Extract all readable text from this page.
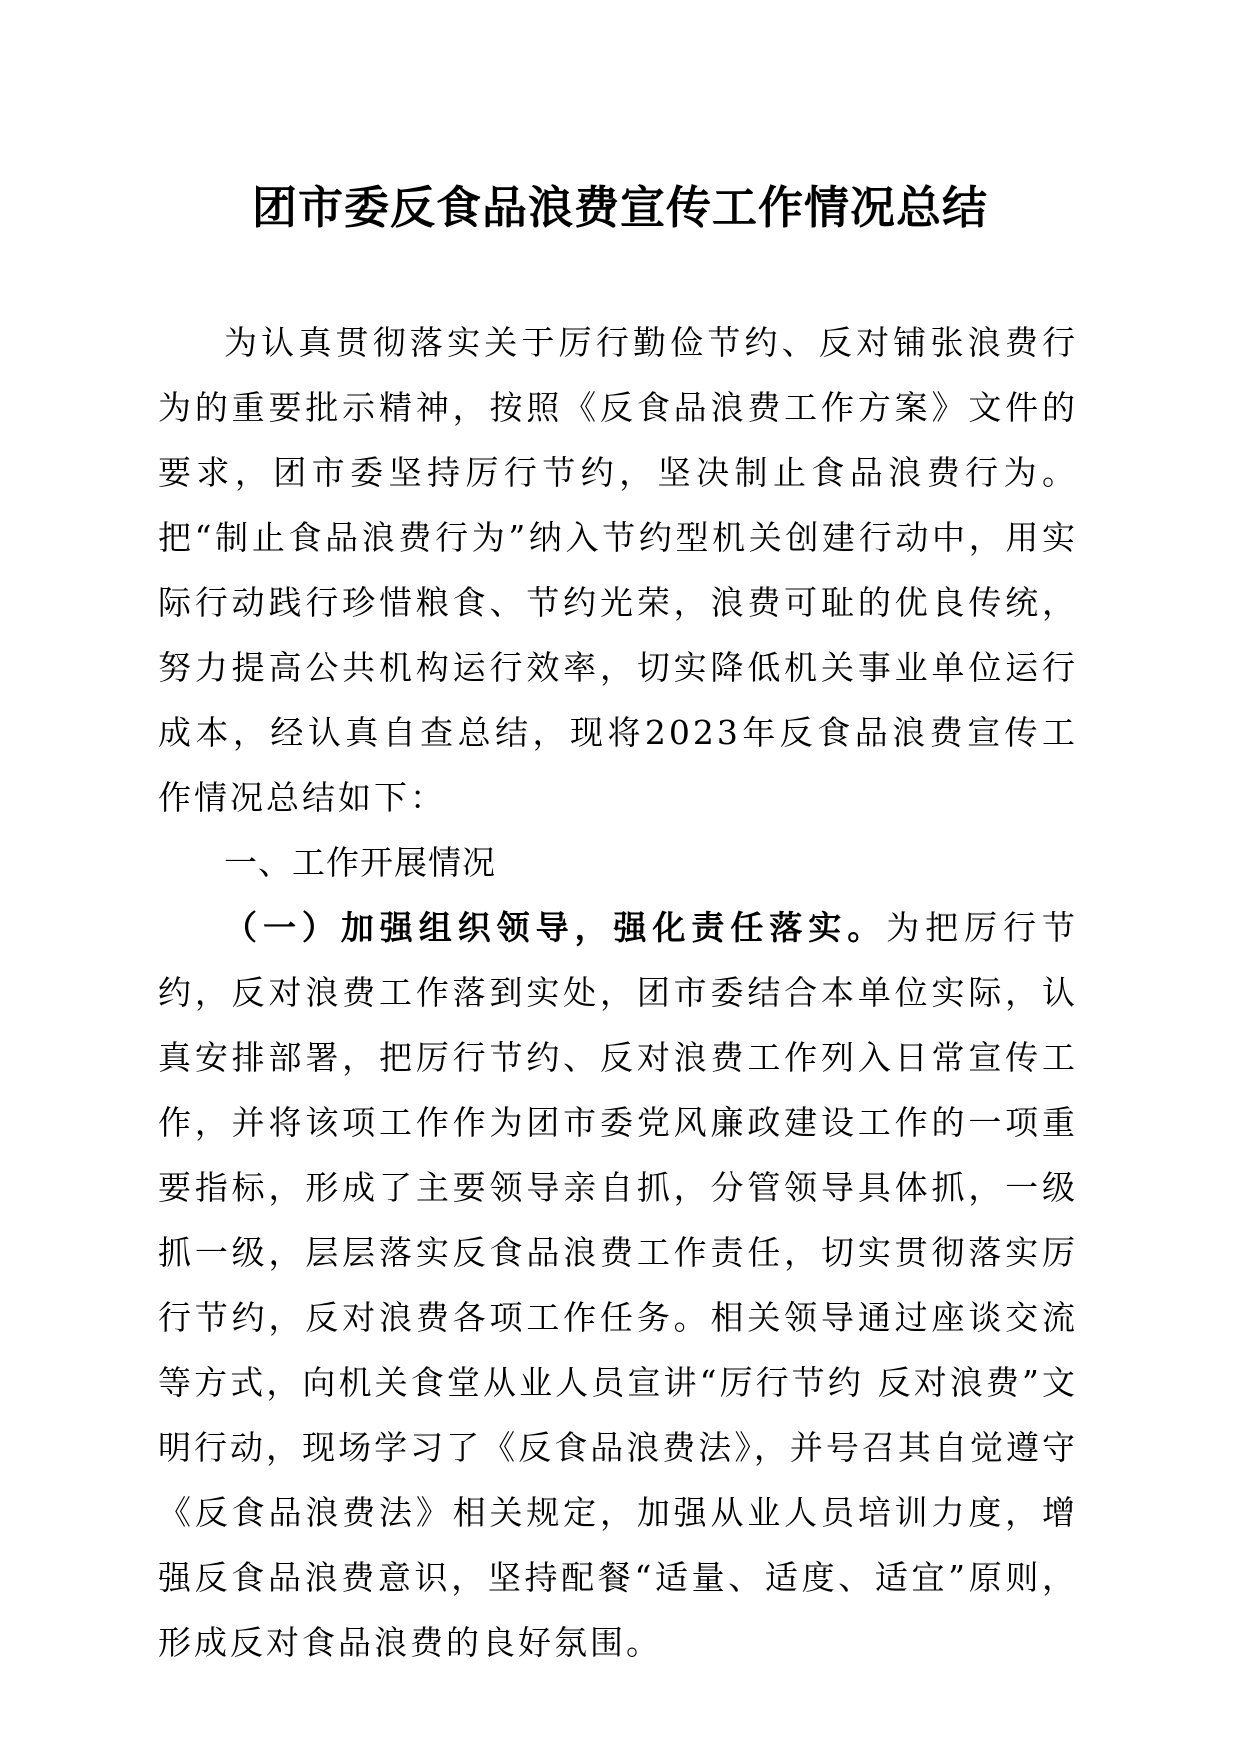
团市委反食品浪费宣传工作情况总结

为认真贯彻落实关于厉行勤俭节约、反对铺张浪费行为的重要批示精神，按照《反食品浪费工作方案》文件的要求，团市委坚持厉行节约，坚决制止食品浪费行为。把“制止食品浪费行为”纳入节约型机关创建行动中，用实际行动践行珍惜粮食、节约光荣，浪费可耻的优良传统，努力提高公共机构运行效率，切实降低机关事业单位运行成本，经认真自查总结，现将2023年反食品浪费宣传工作情况总结如下：

一、工作开展情况

（一）加强组织领导，强化责任落实。为把厉行节约，反对浪费工作落到实处，团市委结合本单位实际，认真安排部署，把厉行节约、反对浪费工作列入日常宣传工作，并将该项工作作为团市委党风廉政建设工作的一项重要指标，形成了主要领导亲自抓，分管领导具体抓，一级抓一级，层层落实反食品浪费工作责任，切实贯彻落实厉行节约，反对浪费各项工作任务。相关领导通过座谈交流等方式，向机关食堂从业人员宣讲“厉行节约 反对浪费”文明行动，现场学习了《反食品浪费法》，并号召其自觉遵守《反食品浪费法》相关规定，加强从业人员培训力度，增强反食品浪费意识，坚持配餐“适量、适度、适宜”原则，形成反对食品浪费的良好氛围。
